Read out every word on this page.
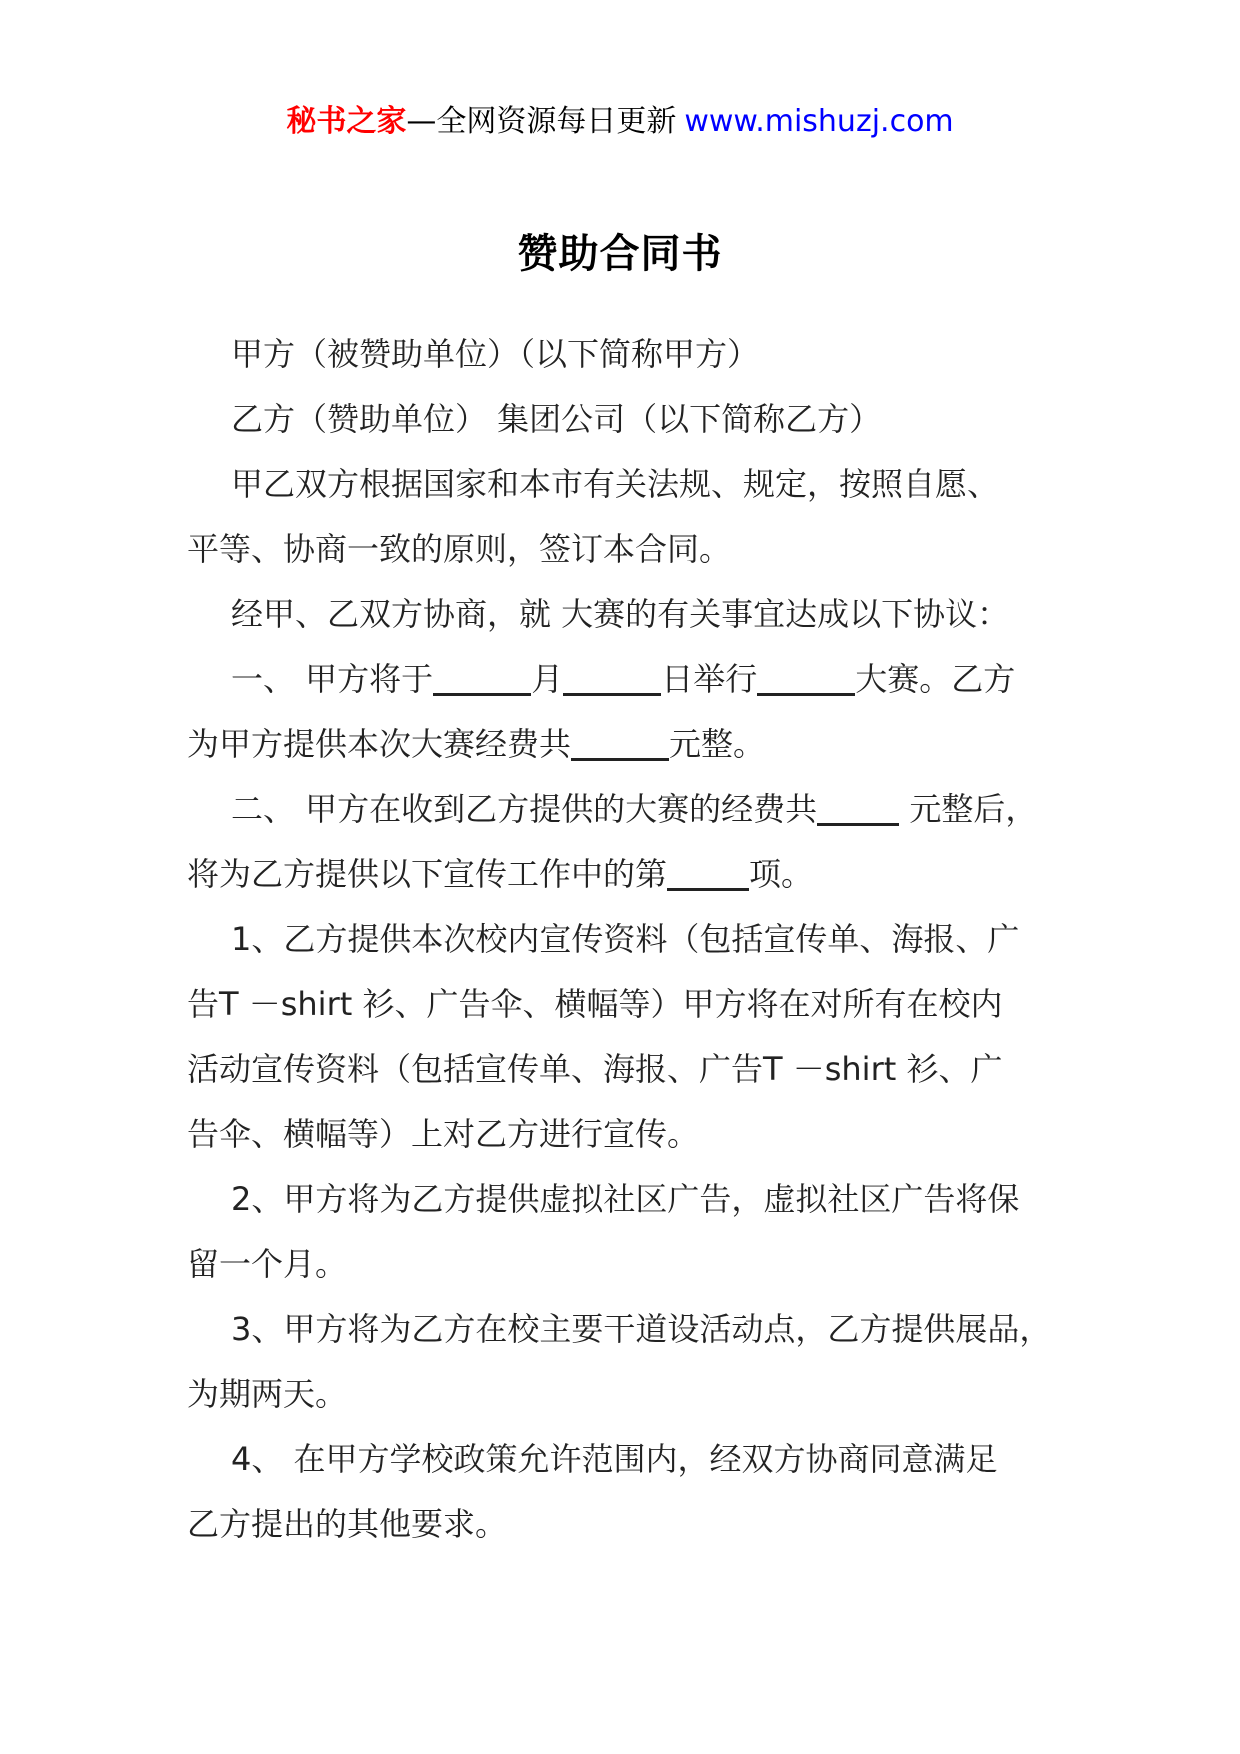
秘书之家—全网资源每日更新 www.mishuzj.com
赞助合同书

甲方（被赞助单位）（以下简称甲方）

乙方（赞助单位） 集团公司（以下简称乙方）

甲乙双方根据国家和本市有关法规、规定，按照自愿、
平等、协商一致的原则，签订本合同。

经甲、乙双方协商，就 大赛的有关事宜达成以下协议：

一、 甲方将于	月	日举行	大赛。乙方
为甲方提供本次大赛经费共	元整。

二、 甲方在收到乙方提供的大赛的经费共	元整后，
将为乙方提供以下宣传工作中的第	项。

1、乙方提供本次校内宣传资料（包括宣传单、海报、广
告T －shirt 衫、广告伞、横幅等）甲方将在对所有在校内
活动宣传资料（包括宣传单、海报、广告T －shirt 衫、广
告伞、横幅等）上对乙方进行宣传。

2、甲方将为乙方提供虚拟社区广告，虚拟社区广告将保
留一个月。

3、甲方将为乙方在校主要干道设活动点，乙方提供展品，
为期两天。

4、 在甲方学校政策允许范围内，经双方协商同意满足
乙方提出的其他要求。
